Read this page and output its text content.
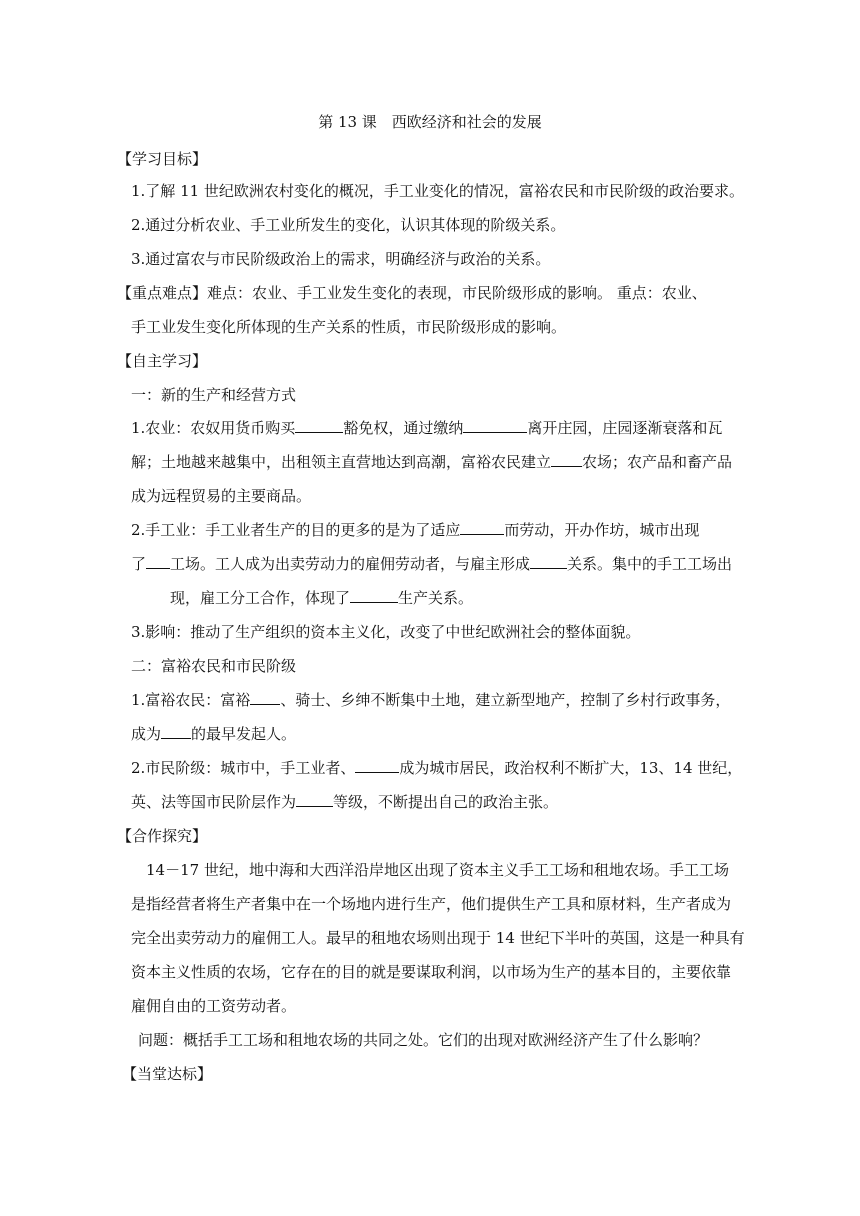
第 13 课　西欧经济和社会的发展
【学习目标】
1.了解 11 世纪欧洲农村变化的概况，手工业变化的情况，富裕农民和市民阶级的政治要求。
2.通过分析农业、手工业所发生的变化，认识其体现的阶级关系。
3.通过富农与市民阶级政治上的需求，明确经济与政治的关系。
【重点难点】难点：农业、手工业发生变化的表现，市民阶级形成的影响。 重点：农业、
手工业发生变化所体现的生产关系的性质，市民阶级形成的影响。
【自主学习】
一：新的生产和经营方式
1.农业：农奴用货币购买	豁免权，通过缴纳	离开庄园，庄园逐渐衰落和瓦
解；土地越来越集中，出租领主直营地达到高潮，富裕农民建立 农场；农产品和畜产品
成为远程贸易的主要商品。
2.手工业：手工业者生产的目的更多的是为了适应	而劳动，开办作坊，城市出现
了 工场。工人成为出卖劳动力的雇佣劳动者，与雇主形成 关系。集中的手工工场出
现，雇工分工合作，体现了	生产关系。
3.影响：推动了生产组织的资本主义化，改变了中世纪欧洲社会的整体面貌。
二：富裕农民和市民阶级
1.富裕农民：富裕 、骑士、乡绅不断集中土地，建立新型地产，控制了乡村行政事务，
成为 的最早发起人。
2.市民阶级：城市中，手工业者、	成为城市居民，政治权利不断扩大，13、14 世纪，
英、法等国市民阶层作为 等级，不断提出自己的政治主张。
【合作探究】
14－17 世纪，地中海和大西洋沿岸地区出现了资本主义手工工场和租地农场。手工工场
是指经营者将生产者集中在一个场地内进行生产，他们提供生产工具和原材料，生产者成为
完全出卖劳动力的雇佣工人。最早的租地农场则出现于 14 世纪下半叶的英国，这是一种具有
资本主义性质的农场，它存在的目的就是要谋取利润，以市场为生产的基本目的，主要依靠
雇佣自由的工资劳动者。
问题：概括手工工场和租地农场的共同之处。它们的出现对欧洲经济产生了什么影响？
【当堂达标】
